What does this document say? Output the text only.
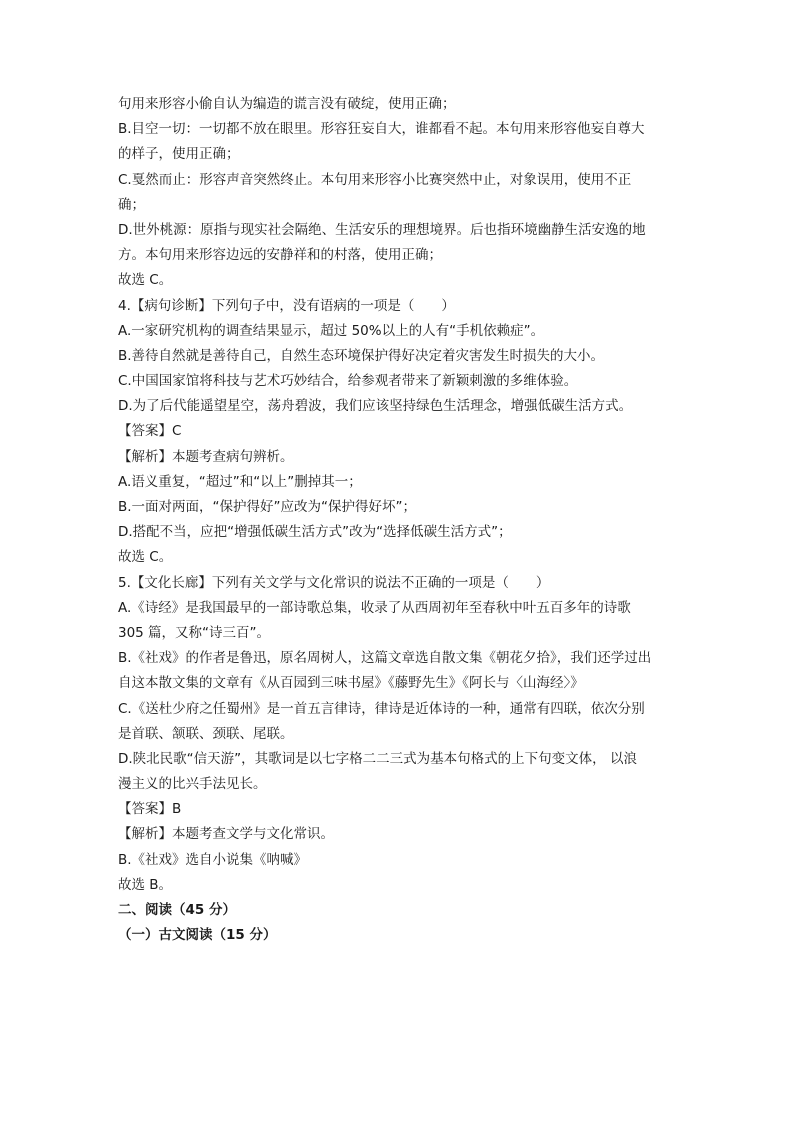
句用来形容小偷自认为编造的谎言没有破绽，使用正确；
B.目空一切：一切都不放在眼里。形容狂妄自大，谁都看不起。本句用来形容他妄自尊大
的样子，使用正确；
C.戛然而止：形容声音突然终止。本句用来形容小比赛突然中止，对象误用，使用不正
确；
D.世外桃源：原指与现实社会隔绝、生活安乐的理想境界。后也指环境幽静生活安逸的地
方。本句用来形容边远的安静祥和的村落，使用正确；
故选 C。
4.【病句诊断】下列句子中，没有语病的一项是（　　）
A.一家研究机构的调查结果显示，超过 50%以上的人有“手机依赖症”。
B.善待自然就是善待自己，自然生态环境保护得好决定着灾害发生时损失的大小。
C.中国国家馆将科技与艺术巧妙结合，给参观者带来了新颖刺激的多维体验。
D.为了后代能遥望星空，荡舟碧波，我们应该坚持绿色生活理念，增强低碳生活方式。
【答案】C
【解析】本题考查病句辨析。
A.语义重复，“超过”和“以上”删掉其一；
B.一面对两面，“保护得好”应改为“保护得好坏”；
D.搭配不当，应把“增强低碳生活方式”改为“选择低碳生活方式”；
故选 C。
5.【文化长廊】下列有关文学与文化常识的说法不正确的一项是（　　）
A.《诗经》是我国最早的一部诗歌总集，收录了从西周初年至春秋中叶五百多年的诗歌
305 篇，又称“诗三百”。
B.《社戏》的作者是鲁迅，原名周树人，这篇文章选自散文集《朝花夕拾》，我们还学过出
自这本散文集的文章有《从百园到三味书屋》《藤野先生》《阿长与〈山海经〉》
C.《送杜少府之任蜀州》是一首五言律诗，律诗是近体诗的一种，通常有四联，依次分别
是首联、颔联、颈联、尾联。
D.陕北民歌“信天游”，其歌词是以七字格二二三式为基本句格式的上下句变文体， 以浪
漫主义的比兴手法见长。
【答案】B
【解析】本题考查文学与文化常识。
B.《社戏》选自小说集《呐喊》
故选 B。
二、阅读（45 分）
（一）古文阅读（15 分）
